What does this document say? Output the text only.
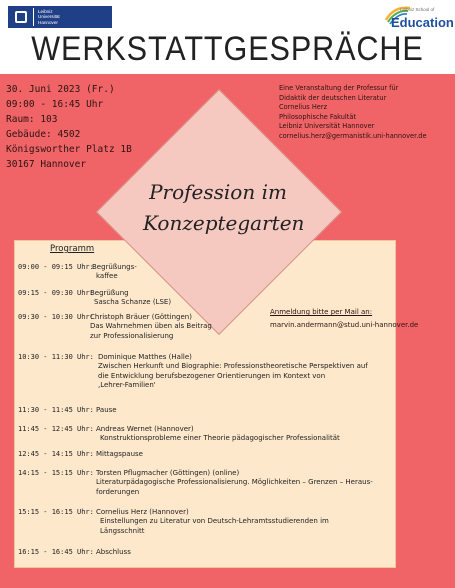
Leibniz
Universität
Hannover
Leibniz School of
Education
WERKSTATTGESPRÄCHE
30. Juni 2023 (Fr.)
09:00 - 16:45 Uhr
Raum: 103
Gebäude: 4502
Königsworther Platz 1B
30167 Hannover
Eine Veranstaltung der Professur für
Didaktik der deutschen Literatur
Cornelius Herz
Philosophische Fakultät
Leibniz Universität Hannover
cornelius.herz@germanistik.uni-hannover.de
Profession im
Konzeptegarten
Anmeldung bitte per Mail an:
marvin.andermann@stud.uni-hannover.de
Programm
09:00 - 09:15 Uhr:
Begrüßungs-
kaffee
09:15 - 09:30 Uhr:
Begrüßung
Sascha Schanze (LSE)
09:30 - 10:30 Uhr:
Christoph Bräuer (Göttingen)
Das Wahrnehmen üben als Beitrag
zur Professionalisierung
10:30 - 11:30 Uhr: Dominique Matthes (Halle)
Zwischen Herkunft und Biographie: Professionstheoretische Perspektiven auf
die Entwicklung berufsbezogener Orientierungen im Kontext von
‚Lehrer-Familien'
11:30 - 11:45 Uhr: Pause
11:45 - 12:45 Uhr: Andreas Wernet (Hannover)
Konstruktionsprobleme einer Theorie pädagogischer Professionalität
12:45 - 14:15 Uhr: Mittagspause
14:15 - 15:15 Uhr: Torsten Pflugmacher (Göttingen) (online)
Literaturpädagogische Professionalisierung. Möglichkeiten – Grenzen – Heraus-
forderungen
15:15 - 16:15 Uhr: Cornelius Herz (Hannover)
Einstellungen zu Literatur von Deutsch-Lehramtsstudierenden im
Längsschnitt
16:15 - 16:45 Uhr: Abschluss
